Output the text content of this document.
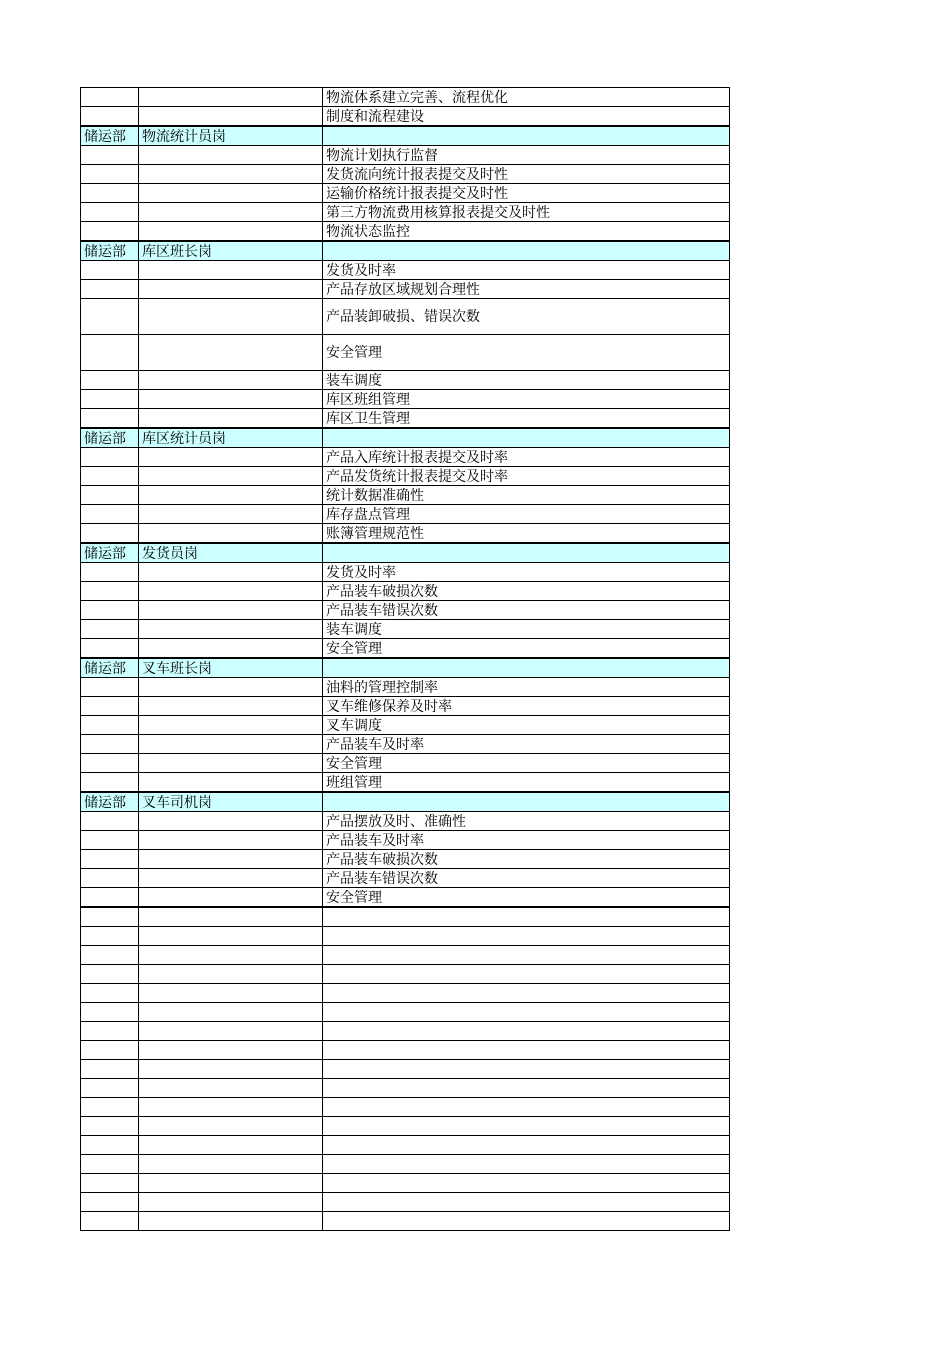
		物流体系建立完善、流程优化
		制度和流程建设
储运部	物流统计员岗	
		物流计划执行监督
		发货流向统计报表提交及时性
		运输价格统计报表提交及时性
		第三方物流费用核算报表提交及时性
		物流状态监控
储运部	库区班长岗	
		发货及时率
		产品存放区域规划合理性
		产品装卸破损、错误次数
		安全管理
		装车调度
		库区班组管理
		库区卫生管理
储运部	库区统计员岗	
		产品入库统计报表提交及时率
		产品发货统计报表提交及时率
		统计数据准确性
		库存盘点管理
		账簿管理规范性
储运部	发货员岗	
		发货及时率
		产品装车破损次数
		产品装车错误次数
		装车调度
		安全管理
储运部	叉车班长岗	
		油料的管理控制率
		叉车维修保养及时率
		叉车调度
		产品装车及时率
		安全管理
		班组管理
储运部	叉车司机岗	
		产品摆放及时、准确性
		产品装车及时率
		产品装车破损次数
		产品装车错误次数
		安全管理
